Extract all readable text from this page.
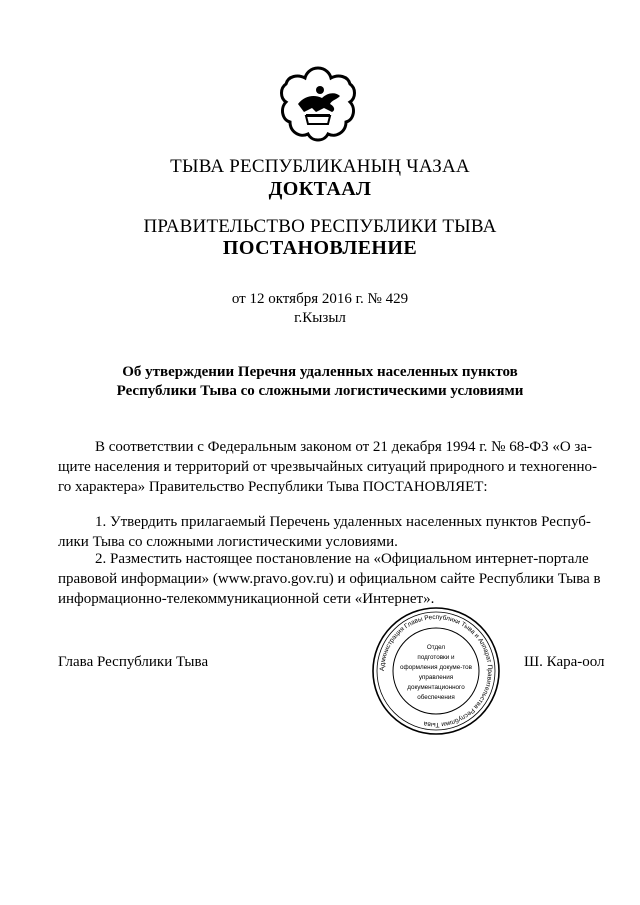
ТЫВА РЕСПУБЛИКАНЫҢ ЧАЗАА
ДОКТААЛ
ПРАВИТЕЛЬСТВО РЕСПУБЛИКИ ТЫВА
ПОСТАНОВЛЕНИЕ
от 12 октября 2016 г. № 429
г.Кызыл
Об утверждении Перечня удаленных населенных пунктов
Республики Тыва со сложными логистическими условиями
В соответствии с Федеральным законом от 21 декабря 1994 г. № 68-ФЗ «О за-
щите населения и территорий от чрезвычайных ситуаций природного и техногенно-
го характера» Правительство Республики Тыва ПОСТАНОВЛЯЕТ:
1. Утвердить прилагаемый Перечень удаленных населенных пунктов Респуб-
лики Тыва со сложными логистическими условиями.
2. Разместить настоящее постановление на «Официальном интернет-портале
правовой информации» (www.pravo.gov.ru) и официальном сайте Республики Тыва в
информационно-телекоммуникационной сети «Интернет».
Глава Республики Тывa	Ш. Кара-оол
Администрация Главы Республики Тыва и Аппарат Правительства Республики Тыва
Отдел
подготовки и
оформления докуме-тов
управления
документационного
обеспечения
